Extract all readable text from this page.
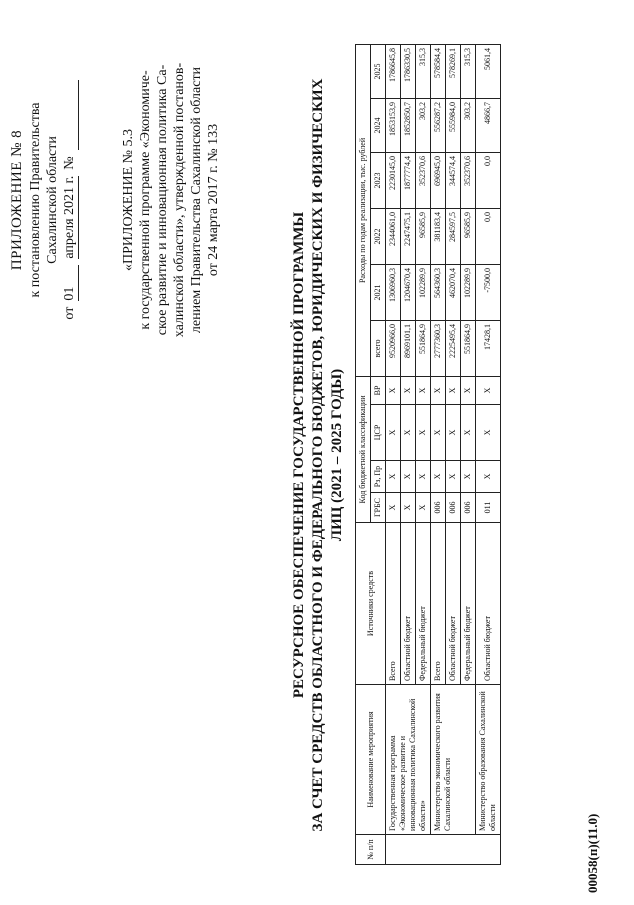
ПРИЛОЖЕНИЕ № 8 к постановлению Правительства Сахалинской области
от
01
апреля 2021 г.
№	«ПРИЛОЖЕНИЕ № 5.3 к государственной программе «Экономиче- ское развитие и инновационная политика Са- халинской области», утвержденной постанов- лением Правительства Сахалинской области от 24 марта 2017 г. № 133
РЕСУРСНОЕ ОБЕСПЕЧЕНИЕ ГОСУДАРСТВЕННОЙ ПРОГРАММЫ ЗА СЧЕТ СРЕДСТВ ОБЛАСТНОГО И ФЕДЕРАЛЬНОГО БЮДЖЕТОВ, ЮРИДИЧЕСКИХ И ФИЗИЧЕСКИХ ЛИЦ (2021 – 2025 ГОДЫ)
№ п/п	Наименование мероприятия	Источники средств	Код бюджетной классификации				Расходы по годам реализации, тыс. рублей					
			ГРБС	Рз, Пр	ЦСР	ВР	всего	2021	2022	2023	2024	2025
	Государственная программа «Экономическое развитие и инновационная политика Сахалинской области»	Всего	Х	Х	Х	Х	9520966,0	1306960,3	2344061,0	2230145,0	1853153,9	1786645,8
		Областной бюджет	Х	Х	Х	Х	8969101,1	1204670,4	2247475,1	1877774,4	1852850,7	1786330,5
		Федеральный бюджет	Х	Х	Х	Х	551864,9	102289,9	96585,9	352370,6	303,2	315,3
	Министерство экономического развития Сахалинской области	Всего	006	Х	Х	Х	2777360,3	564360,3	381183,4	696945,0	556287,2	578584,4
		Областной бюджет	006	Х	Х	Х	2225495,4	462070,4	284597,5	344574,4	555984,0	578269,1
		Федеральный бюджет	006	Х	Х	Х	551864,9	102289,9	96585,9	352370,6	303,2	315,3
	Министерство образования Сахалинской области	Областной бюджет	011	Х	Х	Х	17428,1	-7500,0	0,0	0,0	4866,7	5061,4
00058(п)(11.0)
